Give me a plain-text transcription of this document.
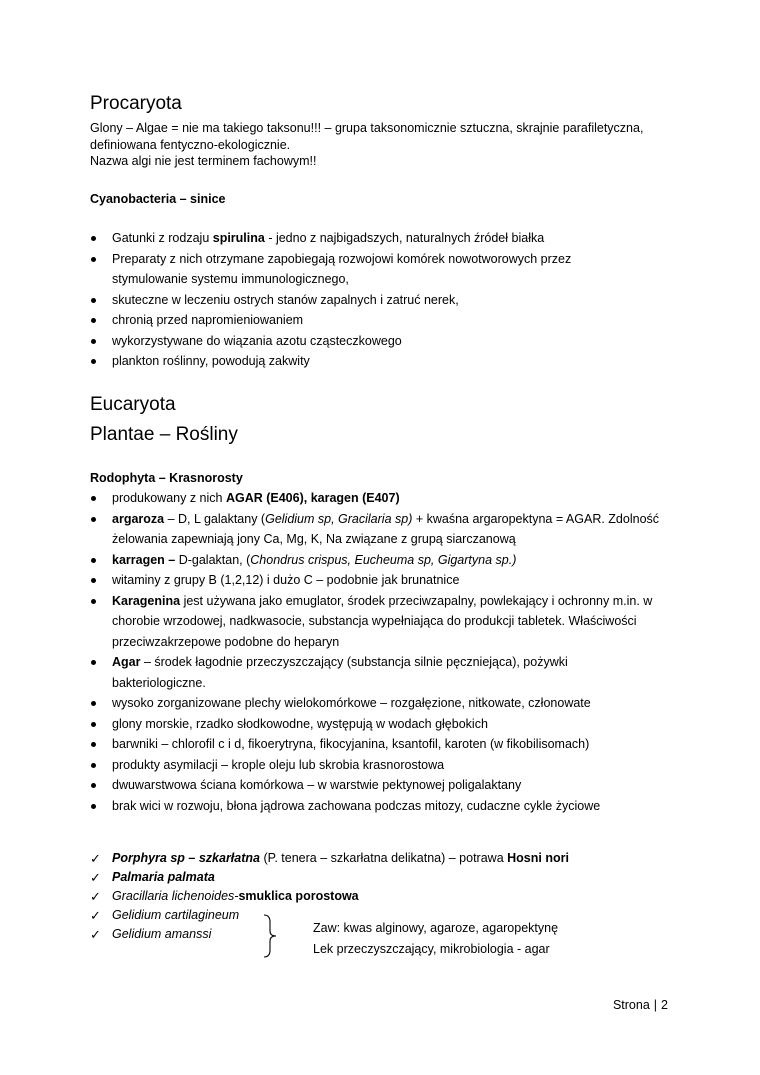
Procaryota

Glony – Algae = nie ma takiego taksonu!!! – grupa taksonomicznie sztuczna, skrajnie parafiletyczna,

definiowana fentyczno-ekologicznie.

Nazwa algi nie jest terminem fachowym!!

Cyanobacteria – sinice

Gatunki z rodzaju spirulina - jedno z najbigadszych, naturalnych źródeł białka
Preparaty z nich otrzymane zapobiegają rozwojowi komórek nowotworowych przez
stymulowanie systemu immunologicznego,
skuteczne w leczeniu ostrych stanów zapalnych i zatruć nerek,
chronią przed napromieniowaniem
wykorzystywane do wiązania azotu cząsteczkowego
plankton roślinny, powodują zakwity
Eucaryota
Plantae – Rośliny

Rodophyta – Krasnorosty

produkowany z nich AGAR (E406), karagen (E407)
argaroza – D, L galaktany (Gelidium sp, Gracilaria sp) + kwaśna argaropektyna = AGAR. Zdolność
żelowania zapewniają jony Ca, Mg, K, Na związane z grupą siarczanową
karragen – D-galaktan, (Chondrus crispus, Eucheuma sp, Gigartyna sp.)
witaminy z grupy B (1,2,12) i dużo C – podobnie jak brunatnice
Karagenina jest używana jako emuglator, środek przeciwzapalny, powlekający i ochronny m.in. w
chorobie wrzodowej, nadkwasocie, substancja wypełniająca do produkcji tabletek. Właściwości
przeciwzakrzepowe podobne do heparyn
Agar – środek łagodnie przeczyszczający (substancja silnie pęczniejąca), pożywki
bakteriologiczne.
wysoko zorganizowane plechy wielokomórkowe – rozgałęzione, nitkowate, członowate
glony morskie, rzadko słodkowodne, występują w wodach głębokich
barwniki – chlorofil c i d, fikoerytryna, fikocyjanina, ksantofil, karoten (w fikobilisomach)
produkty asymilacji – krople oleju lub skrobia krasnorostowa
dwuwarstwowa ściana komórkowa – w warstwie pektynowej poligalaktany
brak wici w rozwoju, błona jądrowa zachowana podczas mitozy, cudaczne cykle życiowe
✓ Porphyra sp – szkarłatna (P. tenera – szkarłatna delikatna) – potrawa Hosni nori
✓ Palmaria palmata
✓ Gracillaria lichenoides-smuklica porostowa
✓ Gelidium cartilagineum
✓ Gelidium amanssi	Zaw: kwas alginowy, agaroze, agaropektynę

Lek przeczyszczający, mikrobiologia - agar

Strona | 2
